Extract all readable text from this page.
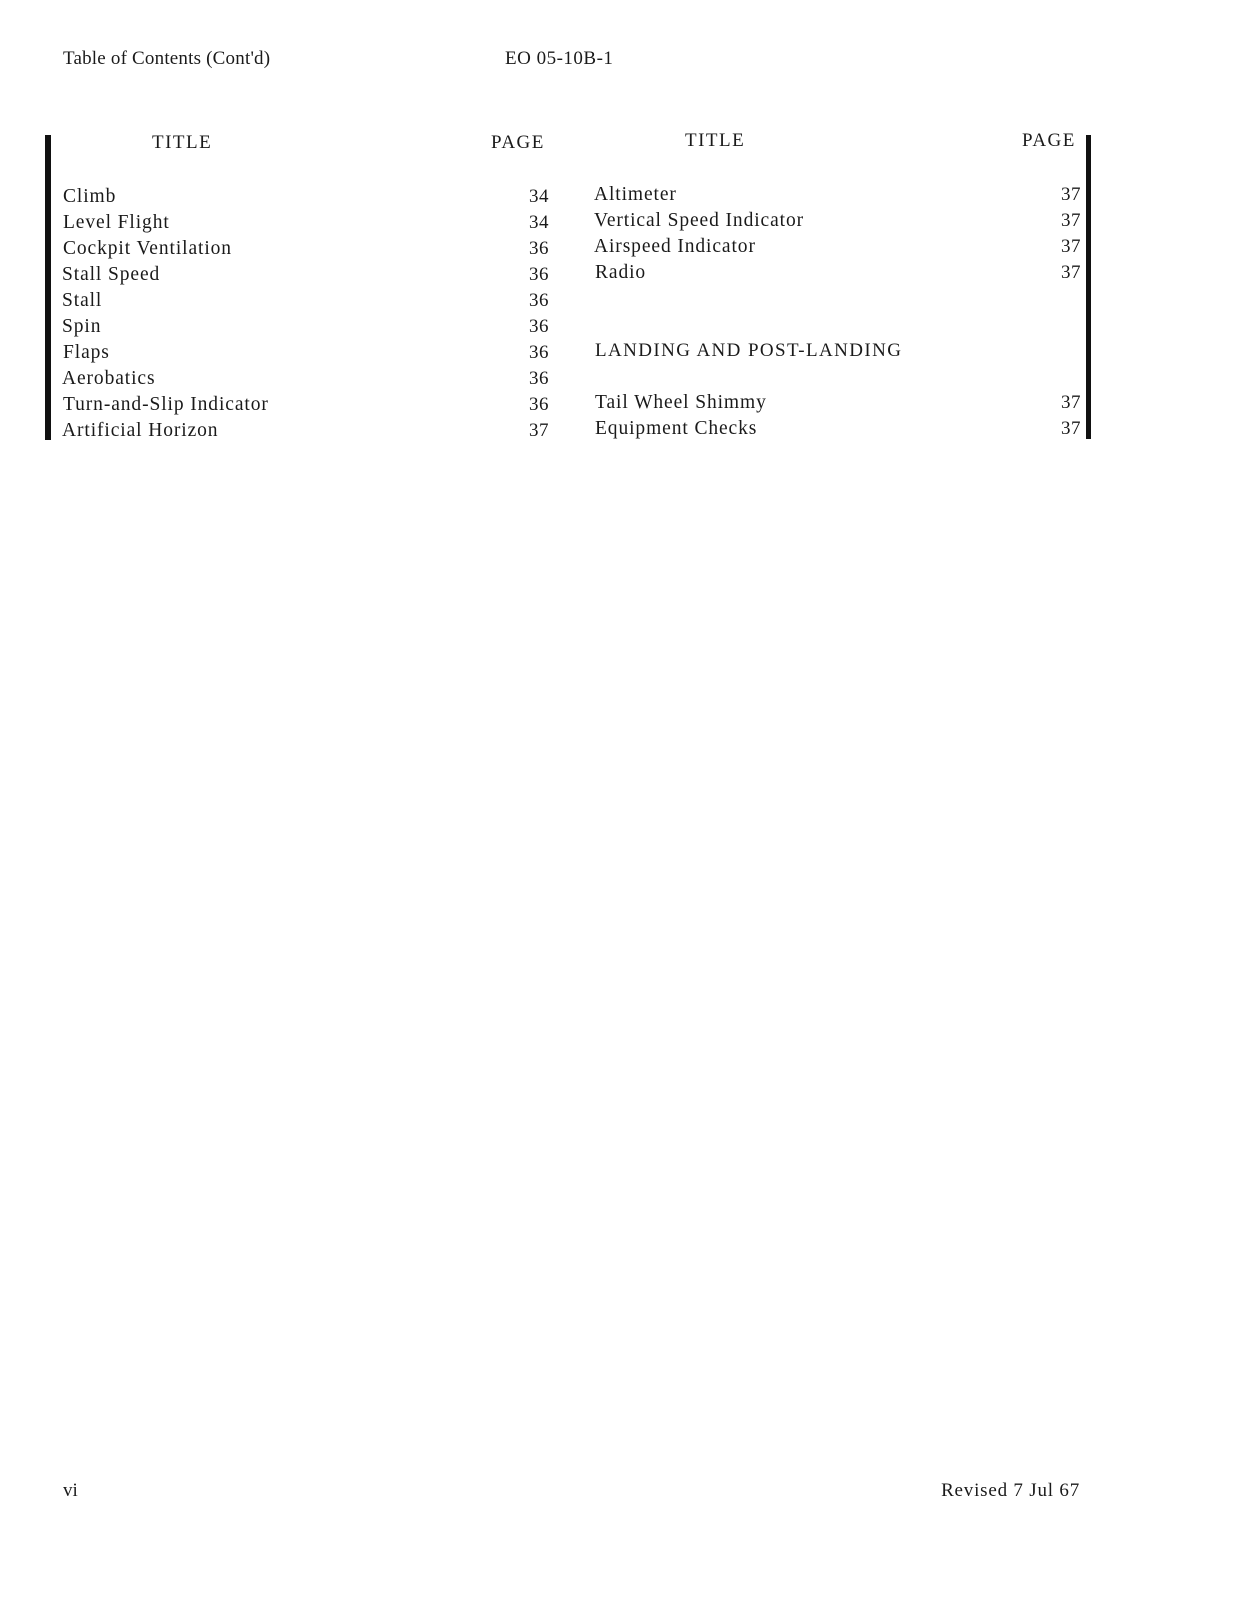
Table of Contents (Cont'd)	EO 05-10B-1
TITLE	PAGE
Climb	34
Level Flight	34
Cockpit Ventilation	36
Stall Speed	36
Stall	36
Spin	36
Flaps	36
Aerobatics	36
Turn-and-Slip Indicator	36
Artificial Horizon	37
TITLE	PAGE
Altimeter	37
Vertical Speed Indicator	37
Airspeed Indicator	37
Radio	37
LANDING AND POST-LANDING
Tail Wheel Shimmy	37
Equipment Checks	37
vi	Revised 7 Jul 67
